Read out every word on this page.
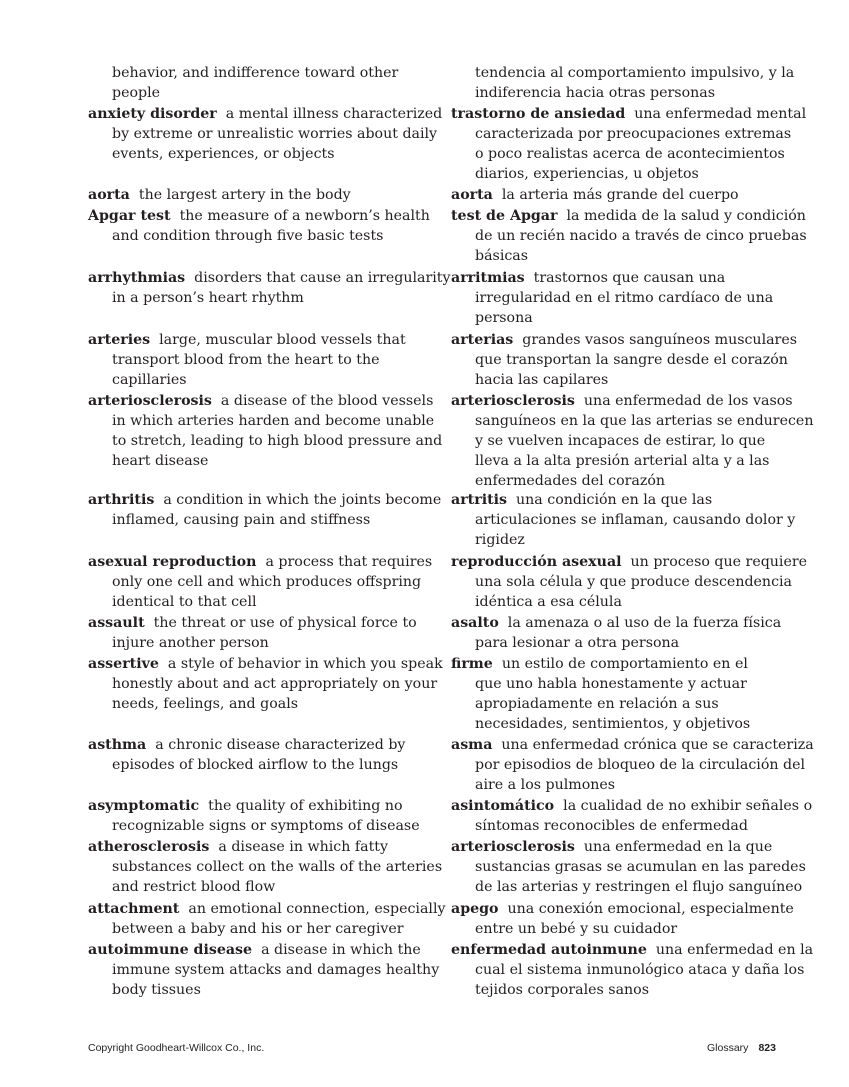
behavior, and indifference toward other
people
anxiety disorder a mental illness characterized
by extreme or unrealistic worries about daily
events, experiences, or objects
aorta the largest artery in the body
Apgar test the measure of a newborn’s health
and condition through five basic tests
arrhythmias disorders that cause an irregularity
in a person’s heart rhythm
arteries large, muscular blood vessels that
transport blood from the heart to the
capillaries
arteriosclerosis a disease of the blood vessels
in which arteries harden and become unable
to stretch, leading to high blood pressure and
heart disease
arthritis a condition in which the joints become
inflamed, causing pain and stiffness
asexual reproduction a process that requires
only one cell and which produces offspring
identical to that cell
assault the threat or use of physical force to
injure another person
assertive a style of behavior in which you speak
honestly about and act appropriately on your
needs, feelings, and goals
asthma a chronic disease characterized by
episodes of blocked airflow to the lungs
asymptomatic the quality of exhibiting no
recognizable signs or symptoms of disease
atherosclerosis a disease in which fatty
substances collect on the walls of the arteries
and restrict blood flow
attachment an emotional connection, especially
between a baby and his or her caregiver
autoimmune disease a disease in which the
immune system attacks and damages healthy
body tissues
tendencia al comportamiento impulsivo, y la
indiferencia hacia otras personas
trastorno de ansiedad una enfermedad mental
caracterizada por preocupaciones extremas
o poco realistas acerca de acontecimientos
diarios, experiencias, u objetos
aorta la arteria más grande del cuerpo
test de Apgar la medida de la salud y condición
de un recién nacido a través de cinco pruebas
básicas
arritmias trastornos que causan una
irregularidad en el ritmo cardíaco de una
persona
arterias grandes vasos sanguíneos musculares
que transportan la sangre desde el corazón
hacia las capilares
arteriosclerosis una enfermedad de los vasos
sanguíneos en la que las arterias se endurecen
y se vuelven incapaces de estirar, lo que
lleva a la alta presión arterial alta y a las
enfermedades del corazón
artritis una condición en la que las
articulaciones se inflaman, causando dolor y
rigidez
reproducción asexual un proceso que requiere
una sola célula y que produce descendencia
idéntica a esa célula
asalto la amenaza o al uso de la fuerza física
para lesionar a otra persona
firme un estilo de comportamiento en el
que uno habla honestamente y actuar
apropiadamente en relación a sus
necesidades, sentimientos, y objetivos
asma una enfermedad crónica que se caracteriza
por episodios de bloqueo de la circulación del
aire a los pulmones
asintomático la cualidad de no exhibir señales o
síntomas reconocibles de enfermedad
arteriosclerosis una enfermedad en la que
sustancias grasas se acumulan en las paredes
de las arterias y restringen el flujo sanguíneo
apego una conexión emocional, especialmente
entre un bebé y su cuidador
enfermedad autoinmune una enfermedad en la
cual el sistema inmunológico ataca y daña los
tejidos corporales sanos
Copyright Goodheart-Willcox Co., Inc.	Glossary 823
